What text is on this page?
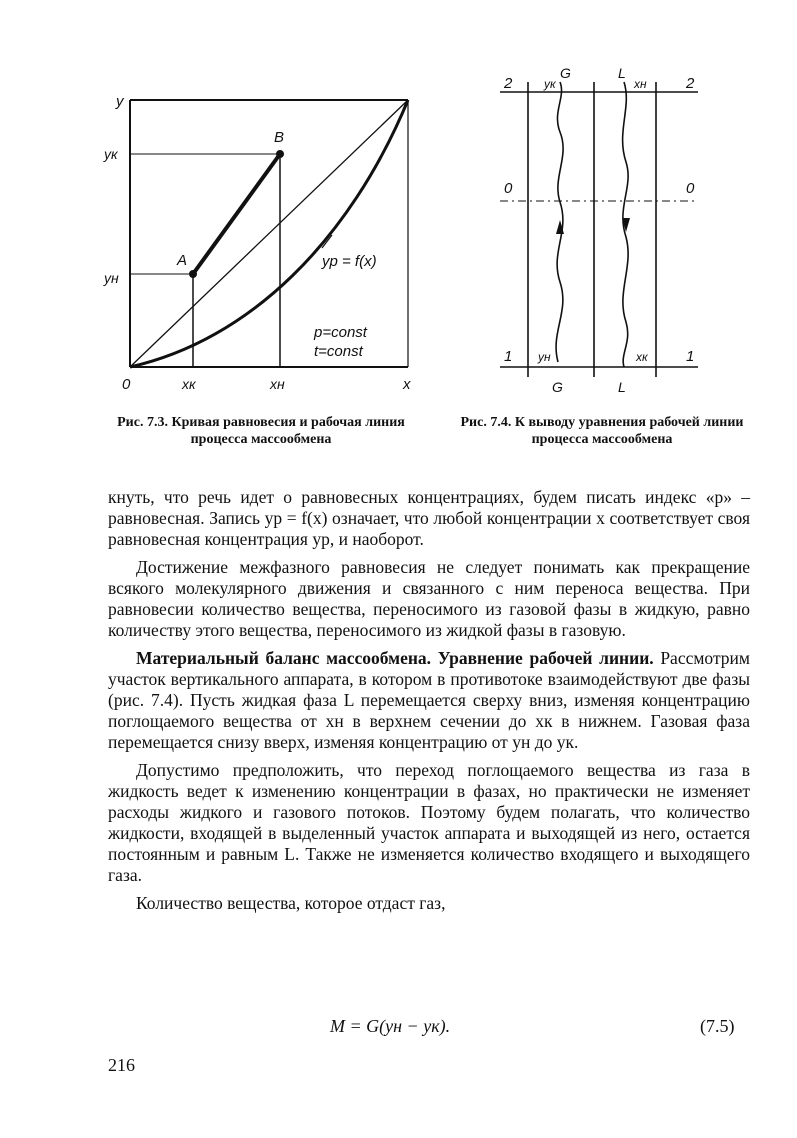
y
yк
yн
B
A	yр = f(x)
p=const
t=const
0	xк	xн	x
Рис. 7.3. Кривая равновесия и рабочая линия процесса массообмена
2	2
yк
G	L
xн
0	0
1	1
yн	xк
G	L
Рис. 7.4. К выводу уравнения рабочей линии процесса массообмена

кнуть, что речь идет о равновесных концентрациях, будем писать индекс «р» – равновесная. Запись yр = f(x) означает, что любой концентрации x соответствует своя равновесная концентрация yр, и наоборот.

Достижение межфазного равновесия не следует понимать как прекращение всякого молекулярного движения и связанного с ним переноса вещества. При равновесии количество вещества, переносимого из газовой фазы в жидкую, равно количеству этого вещества, переносимого из жидкой фазы в газовую.

Материальный баланс массообмена. Уравнение рабочей линии. Рассмотрим участок вертикального аппарата, в котором в противотоке взаимодействуют две фазы (рис. 7.4). Пусть жидкая фаза L перемещается сверху вниз, изменяя концентрацию поглощаемого вещества от xн в верхнем сечении до xк в нижнем. Газовая фаза перемещается снизу вверх, изменяя концентрацию от yн до yк.

Допустимо предположить, что переход поглощаемого вещества из газа в жидкость ведет к изменению концентрации в фазах, но практически не изменяет расходы жидкого и газового потоков. Поэтому будем полагать, что количество жидкости, входящей в выделенный участок аппарата и выходящей из него, остается постоянным и равным L. Также не изменяется количество входящего и выходящего газа.

Количество вещества, которое отдаст газ,

M = G(yн − yк).	(7.5)
216
